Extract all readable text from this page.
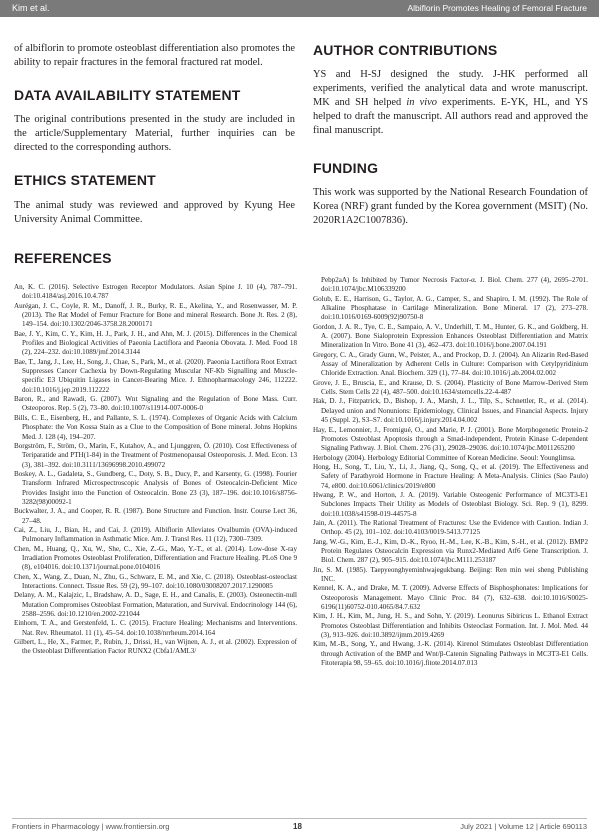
Kim et al.	Albiflorin Promotes Healing of Femoral Fracture
of albiflorin to promote osteoblast differentiation also promotes the ability to repair fractures in the femoral fractured rat model.
DATA AVAILABILITY STATEMENT
The original contributions presented in the study are included in the article/Supplementary Material, further inquiries can be directed to the corresponding authors.
ETHICS STATEMENT
The animal study was reviewed and approved by Kyung Hee University Animal Committee.
REFERENCES
AUTHOR CONTRIBUTIONS
YS and H-SJ designed the study. J-HK performed all experiments, verified the analytical data and wrote manuscript. MK and SH helped in vivo experiments. E-YK, HL, and YS helped to draft the manuscript. All authors read and approved the final manuscript.
FUNDING
This work was supported by the National Research Foundation of Korea (NRF) grant funded by the Korea government (MSIT) (No. 2020R1A2C1007836).
An, K. C. (2016). Selective Estrogen Receptor Modulators. Asian Spine J. 10 (4), 787–791. doi:10.4184/asj.2016.10.4.787
Aurégan, J. C., Coyle, R. M., Danoff, J. R., Burky, R. E., Akelina, Y., and Rosenwasser, M. P. (2013). The Rat Model of Femur Fracture for Bone and mineral Research. Bone Jt. Res. 2 (8), 149–154. doi:10.1302/2046-3758.28.2000171
Bae, J. Y., Kim, C. Y., Kim, H. J., Park, J. H., and Ahn, M. J. (2015). Differences in the Chemical Profiles and Biological Activities of Paeonia Lactiflora and Paeonia Obovata. J. Med. Food 18 (2), 224–232. doi:10.1089/jmf.2014.3144
Bae, T., Jang, J., Lee, H., Song, J., Chae, S., Park, M., et al. (2020). Paeonia Lactiflora Root Extract Suppresses Cancer Cachexia by Down-Regulating Muscular NF-Kb Signalling and Muscle-specific E3 Ubiquitin Ligases in Cancer-Bearing Mice. J. Ethnopharmacology 246, 112222. doi:10.1016/j.jep.2019.112222
Baron, R., and Rawadi, G. (2007). Wnt Signaling and the Regulation of Bone Mass. Curr. Osteoporos. Rep. 5 (2), 73–80. doi:10.1007/s11914-007-0006-0
Bills, C. E., Eisenberg, H., and Pallante, S. L. (1974). Complexes of Organic Acids with Calcium Phosphate: the Von Kossa Stain as a Clue to the Composition of Bone mineral. Johns Hopkins Med. J. 128 (4), 194–207.
Borgström, F., Ström, O., Marin, F., Kutahov, A., and Ljunggren, Ö. (2010). Cost Effectiveness of Teriparatide and PTH(1-84) in the Treatment of Postmenopausal Osteoporosis. J. Med. Econ. 13 (3), 381–392. doi:10.3111/13696998.2010.499072
Boskey, A. L., Gadaleta, S., Gundberg, C., Doty, S. B., Ducy, P., and Karsenty, G. (1998). Fourier Transform Infrared Microspectroscopic Analysis of Bones of Osteocalcin-Deficient Mice Provides Insight into the Function of Osteocalcin. Bone 23 (3), 187–196. doi:10.1016/s8756-3282(98)00092-1
Buckwalter, J. A., and Cooper, R. R. (1987). Bone Structure and Function. Instr. Course Lect 36, 27–48.
Cai, Z., Liu, J., Bian, H., and Cai, J. (2019). Albiflorin Alleviates Ovalbumin (OVA)-induced Pulmonary Inflammation in Asthmatic Mice. Am. J. Transl Res. 11 (12), 7300–7309.
Chen, M., Huang, Q., Xu, W., She, C., Xie, Z.-G., Mao, Y.-T., et al. (2014). Low-dose X-ray Irradiation Promotes Osteoblast Proliferation, Differentiation and Fracture Healing. PLoS One 9 (8), e104016. doi:10.1371/journal.pone.0104016
Chen, X., Wang, Z., Duan, N., Zhu, G., Schwarz, E. M., and Xie, C. (2018). Osteoblast-osteoclast Interactions. Connect. Tissue Res. 59 (2), 99–107. doi:10.1080/03008207.2017.1290085
Delany, A. M., Kalajzic, I., Bradshaw, A. D., Sage, E. H., and Canalis, E. (2003). Osteonectin-null Mutation Compromises Osteoblast Formation, Maturation, and Survival. Endocrinology 144 (6), 2588–2596. doi:10.1210/en.2002-221044
Einhorn, T. A., and Gerstenfeld, L. C. (2015). Fracture Healing: Mechanisms and Interventions. Nat. Rev. Rheumatol. 11 (1), 45–54. doi:10.1038/nrrheum.2014.164
Gilbert, L., He, X., Farmer, P., Rubin, J., Drissi, H., van Wijnen, A. J., et al. (2002). Expression of the Osteoblast Differentiation Factor RUNX2 (Cbfa1/AML3/
Pebp2aA) Is Inhibited by Tumor Necrosis Factor-α. J. Biol. Chem. 277 (4), 2695–2701. doi:10.1074/jbc.M106339200
Golub, E. E., Harrison, G., Taylor, A. G., Camper, S., and Shapiro, I. M. (1992). The Role of Alkaline Phosphatase in Cartilage Mineralization. Bone Mineral. 17 (2), 273–278. doi:10.1016/0169-6009(92)90750-8
Gordon, J. A. R., Tye, C. E., Sampaio, A. V., Underhill, T. M., Hunter, G. K., and Goldberg, H. A. (2007). Bone Sialoprotein Expression Enhances Osteoblast Differentiation and Matrix Mineralization In Vitro. Bone 41 (3), 462–473. doi:10.1016/j.bone.2007.04.191
Gregory, C. A., Grady Gunn, W., Peister, A., and Prockop, D. J. (2004). An Alizarin Red-Based Assay of Mineralization by Adherent Cells in Culture: Comparison with Cetylpyridinium Chloride Extraction. Anal. Biochem. 329 (1), 77–84. doi:10.1016/j.ab.2004.02.002
Grove, J. E., Bruscia, E., and Krause, D. S. (2004). Plasticity of Bone Marrow-Derived Stem Cells. Stem Cells 22 (4), 487–500. doi:10.1634/stemcells.22-4-487
Hak, D. J., Fitzpatrick, D., Bishop, J. A., Marsh, J. L., Tilp, S., Schnettler, R., et al. (2014). Delayed union and Nonunions: Epidemiology, Clinical Issues, and Financial Aspects. Injury 45 (Suppl. 2), S3–S7. doi:10.1016/j.injury.2014.04.002
Hay, E., Lemonnier, J., Fromigué, O., and Marie, P. J. (2001). Bone Morphogenetic Protein-2 Promotes Osteoblast Apoptosis through a Smad-independent, Protein Kinase C-dependent Signaling Pathway. J. Biol. Chem. 276 (31), 29028–29036. doi:10.1074/jbc.M011265200
Herbology (2004). Herbology Editorial Committee of Korean Medicine. Seoul: Younglimsa.
Hong, H., Song, T., Liu, Y., Li, J., Jiang, Q., Song, Q., et al. (2019). The Effectiveness and Safety of Parathyroid Hormone in Fracture Healing: A Meta-Analysis. Clinics (Sao Paulo) 74, e800. doi:10.6061/clinics/2019/e800
Hwang, P. W., and Horton, J. A. (2019). Variable Osteogenic Performance of MC3T3-E1 Subclones Impacts Their Utility as Models of Osteoblast Biology. Sci. Rep. 9 (1), 8299. doi:10.1038/s41598-019-44575-8
Jain, A. (2011). The Rational Treatment of Fractures: Use the Evidence with Caution. Indian J. Orthop. 45 (2), 101–102. doi:10.4103/0019-5413.77125
Jang, W.-G., Kim, E.-J., Kim, D.-K., Ryoo, H.-M., Lee, K.-B., Kim, S.-H., et al. (2012). BMP2 Protein Regulates Osteocalcin Expression via Runx2-Mediated Atf6 Gene Transcription. J. Biol. Chem. 287 (2), 905–915. doi:10.1074/jbc.M111.253187
Jin, S. M. (1985). Taepyeonghyeminhwajegukbang. Beijing: Ren min wei sheng Publishing INC.
Kennel, K. A., and Drake, M. T. (2009). Adverse Effects of Bisphosphonates: Implications for Osteoporosis Management. Mayo Clinic Proc. 84 (7), 632–638. doi:10.1016/S0025-6196(11)60752-010.4065/84.7.632
Kim, J. H., Kim, M., Jung, H. S., and Sohn, Y. (2019). Leonurus Sibiricus L. Ethanol Extract Promotes Osteoblast Differentiation and Inhibits Osteoclast Formation. Int. J. Mol. Med. 44 (3), 913–926. doi:10.3892/ijmm.2019.4269
Kim, M.-B., Song, Y., and Hwang, J.-K. (2014). Kirenol Stimulates Osteoblast Differentiation through Activation of the BMP and Wnt/β-Catenin Signaling Pathways in MC3T3-E1 Cells. Fitoterapia 98, 59–65. doi:10.1016/j.fitote.2014.07.013
Frontiers in Pharmacology | www.frontiersin.org	18	July 2021 | Volume 12 | Article 690113
